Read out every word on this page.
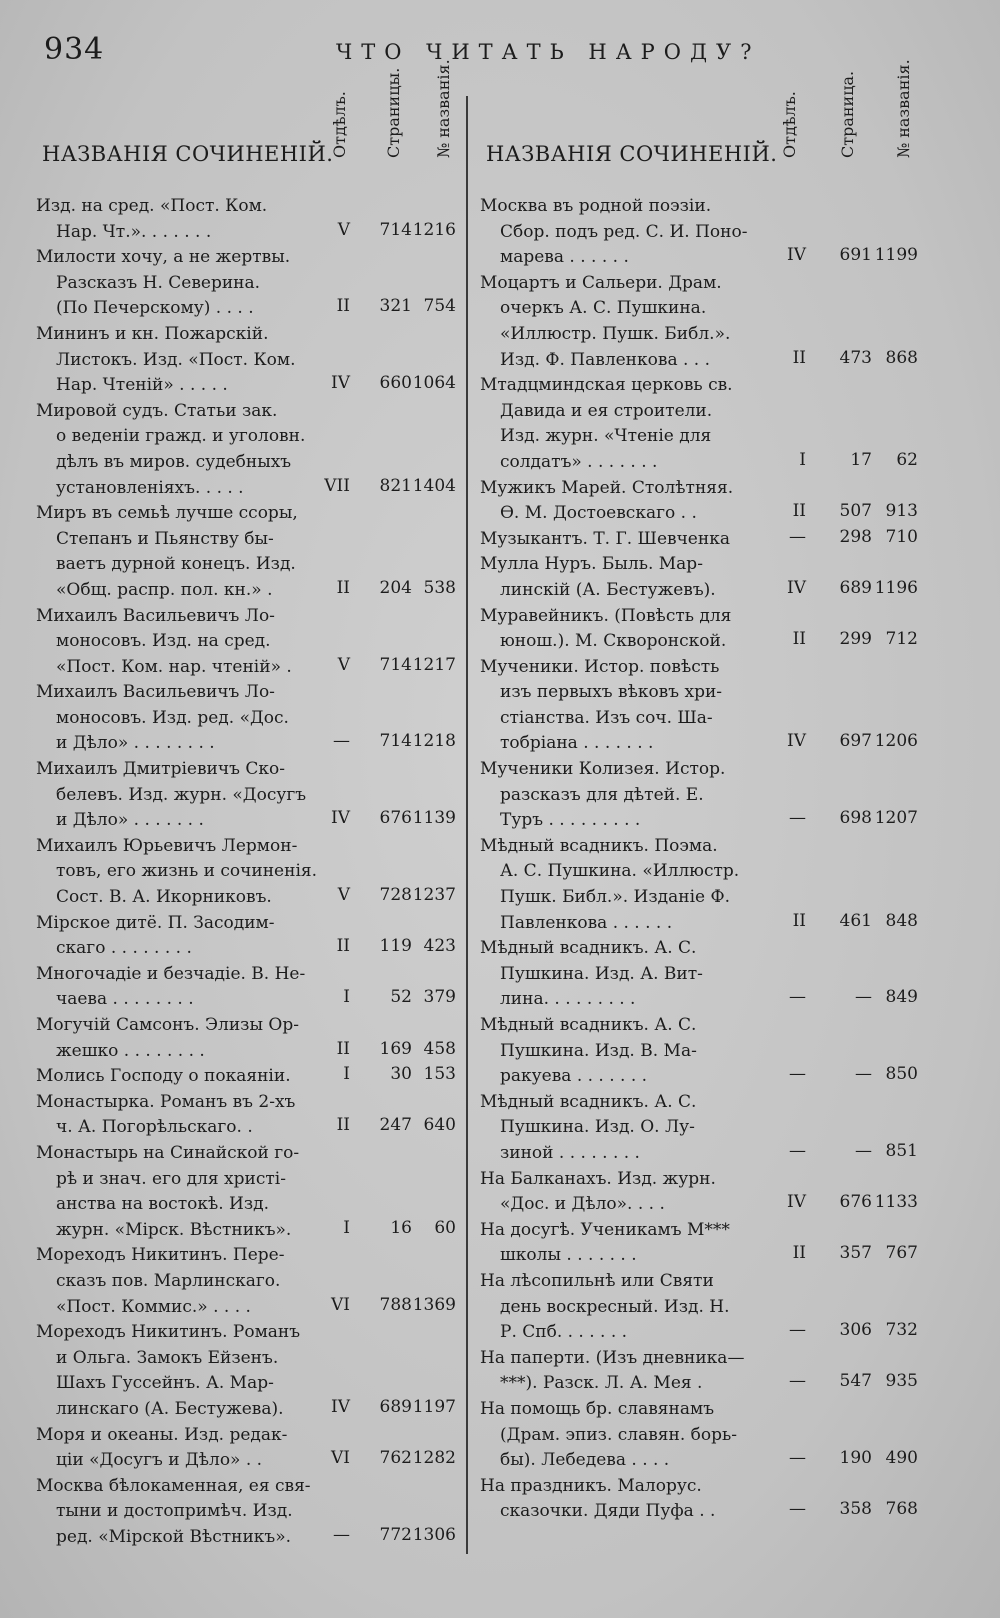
934	ЧТО ЧИТАТЬ НАРОДУ?
НАЗВАНІЯ СОЧИНЕНІЙ.
Отдѣлъ. Страницы. № названія.
Изд. на сред. «Пост. Ком.
Нар. Чт.». . . . . . .	V 714 1216
Милости хочу, а не жертвы.
Разсказъ Н. Северина.
(По Печерскому) . . . .	II 321 754
Мининъ и кн. Пожарскій.
Листокъ. Изд. «Пост. Ком.
Нар. Чтеній» . . . . .	IV 660 1064
Мировой судъ. Статьи зак.
о веденіи гражд. и уголовн.
дѣлъ въ миров. судебныхъ
установленіяхъ. . . . .	VII 821 1404
Миръ въ семьѣ лучше ссоры,
Степанъ и Пьянству бы-
ваетъ дурной конецъ. Изд.
«Общ. распр. пол. кн.» .	II 204 538
Михаилъ Васильевичъ Ло-
моносовъ. Изд. на сред.
«Пост. Ком. нар. чтеній» .	V 714 1217
Михаилъ Васильевичъ Ло-
моносовъ. Изд. ред. «Дос.
и Дѣло» . . . . . . . .	— 714 1218
Михаилъ Дмитріевичъ Ско-
белевъ. Изд. журн. «Досугъ
и Дѣло» . . . . . . .	IV 676 1139
Михаилъ Юрьевичъ Лермон-
товъ, его жизнь и сочиненія.
Сост. В. А. Икорниковъ.	V 728 1237
Мірское дитё. П. Засодим-
скаго . . . . . . . .	II 119 423
Многочадіе и безчадіе. В. Не-
чаева . . . . . . . .	I 52 379
Могучій Самсонъ. Элизы Ор-
жешко . . . . . . . .	II 169 458
Молись Господу о покаяніи.	I 30 153
Монастырка. Романъ въ 2-хъ
ч. А. Погорѣльскаго. .	II 247 640
Монастырь на Синайской го-
рѣ и знач. его для христі-
анства на востокѣ. Изд.
журн. «Мірск. Вѣстникъ».	I 16 60
Мореходъ Никитинъ. Пере-
сказъ пов. Марлинскаго.
«Пост. Коммис.» . . . .	VI 788 1369
Мореходъ Никитинъ. Романъ
и Ольга. Замокъ Ейзенъ.
Шахъ Гуссейнъ. А. Мар-
линскаго (А. Бестужева).	IV 689 1197
Моря и океаны. Изд. редак-
ціи «Досугъ и Дѣло» . .	VI 762 1282
Москва бѣлокаменная, ея свя-
тыни и достопримѣч. Изд.
ред. «Мірской Вѣстникъ».	— 772 1306
НАЗВАНІЯ СОЧИНЕНІЙ. Отдѣлъ. Страница. № названія.
Москва въ родной поэзіи.
Сбор. подъ ред. С. И. Поно-
марева . . . . . .	IV 691 1199
Моцартъ и Сальери. Драм.
очеркъ А. С. Пушкина.
«Иллюстр. Пушк. Библ.».
Изд. Ф. Павленкова . . .	II 473 868
Мтадцминдская церковь св.
Давида и ея строители.
Изд. журн. «Чтеніе для
солдатъ» . . . . . . .	I	17 62
Мужикъ Марей. Столѣтняя.
Ѳ. М. Достоевскаго . .	II 507 913
Музыкантъ. Т. Г. Шевченка	— 298 710
Мулла Нуръ. Быль. Мар-
линскій (А. Бестужевъ).	IV 689 1196
Муравейникъ. (Повѣсть для
юнош.). М. Скворонской.	II 299 712
Мученики. Истор. повѣсть
изъ первыхъ вѣковъ хри-
стіанства. Изъ соч. Ша-
тобріана . . . . . . .	IV 697 1206
Мученики Колизея. Истор.
разсказъ для дѣтей. Е.
Туръ . . . . . . . . .	— 698 1207
Мѣдный всадникъ. Поэма.
А. С. Пушкина. «Иллюстр.
Пушк. Библ.». Изданіе Ф.
Павленкова . . . . . .	II 461 848
Мѣдный всадникъ. А. С.
Пушкина. Изд. А. Вит-
лина. . . . . . . . .	—	— 849
Мѣдный всадникъ. А. С.
Пушкина. Изд. В. Ма-
ракуева . . . . . . .	—	— 850
Мѣдный всадникъ. А. С.
Пушкина. Изд. О. Лу-
зиной . . . . . . . .	—	— 851
На Балканахъ. Изд. журн.
«Дос. и Дѣло». . . .	IV 676 1133
На досугѣ. Ученикамъ М***
школы . . . . . . .	II 357 767
На лѣсопильнѣ или Святи
день воскресный. Изд. Н.
Р. Спб. . . . . . .	— 306 732
На паперти. (Изъ дневника—
***). Разск. Л. А. Мея .	— 547 935
На помощь бр. славянамъ
(Драм. эпиз. славян. борь-
бы). Лебедева . . . .	— 190 490
На праздникъ. Малорус.
сказочки. Дяди Пуфа . .	— 358 768
